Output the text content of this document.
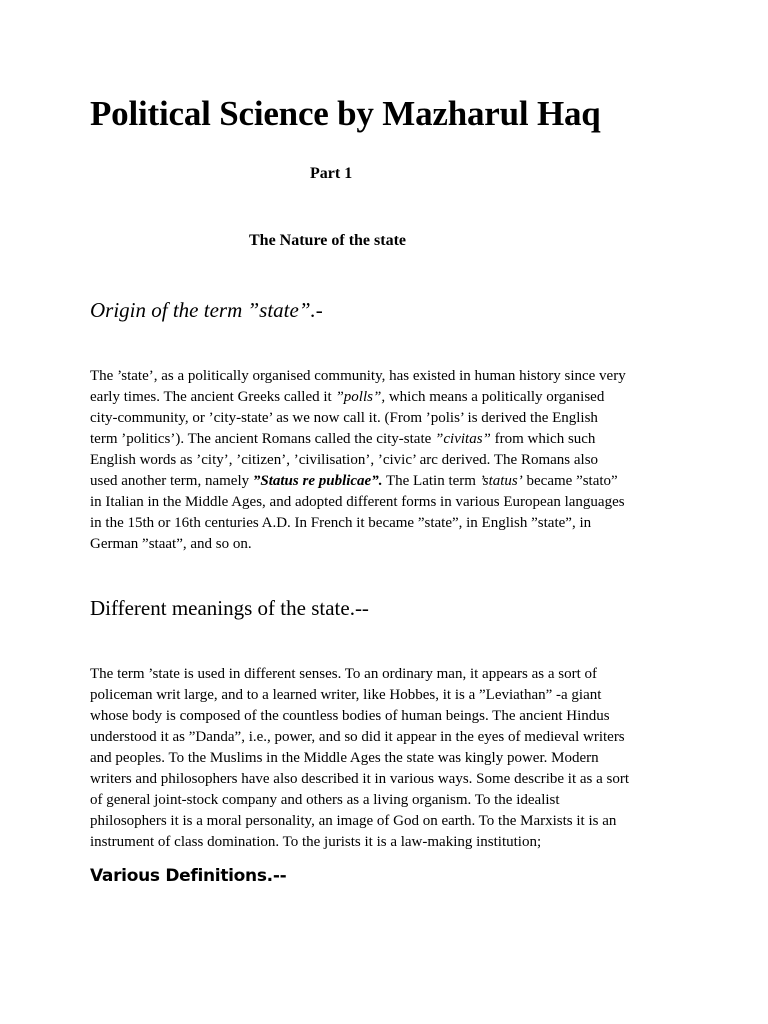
Political Science by Mazharul Haq
Part 1
The Nature of the state
Origin of the term ”state”.-
The ’state’, as a politically organised community, has existed in human history since very
early times. The ancient Greeks called it ”polls”, which means a politically organised
city-community, or ’city-state’ as we now call it. (From ’polis’ is derived the English
term ’politics’). The ancient Romans called the city-state ”civitas” from which such
English words as ’city’, ’citizen’, ’civilisation’, ’civic’ arc derived. The Romans also
used another term, namely ”Status re publicae”. The Latin term ’status’ became ”stato”
in Italian in the Middle Ages, and adopted different forms in various European languages
in the 15th or 16th centuries A.D. In French it became ”state”, in English ”state”, in
German ”staat”, and so on.
Different meanings of the state.--
The term ’state is used in different senses. To an ordinary man, it appears as a sort of
policeman writ large, and to a learned writer, like Hobbes, it is a ”Leviathan” -a giant
whose body is composed of the countless bodies of human beings. The ancient Hindus
understood it as ”Danda”, i.e., power, and so did it appear in the eyes of medieval writers
and peoples. To the Muslims in the Middle Ages the state was kingly power. Modern
writers and philosophers have also described it in various ways. Some describe it as a sort
of general joint-stock company and others as a living organism. To the idealist
philosophers it is a moral personality, an image of God on earth. To the Marxists it is an
instrument of class domination. To the jurists it is a law-making institution;
Various Definitions.--
